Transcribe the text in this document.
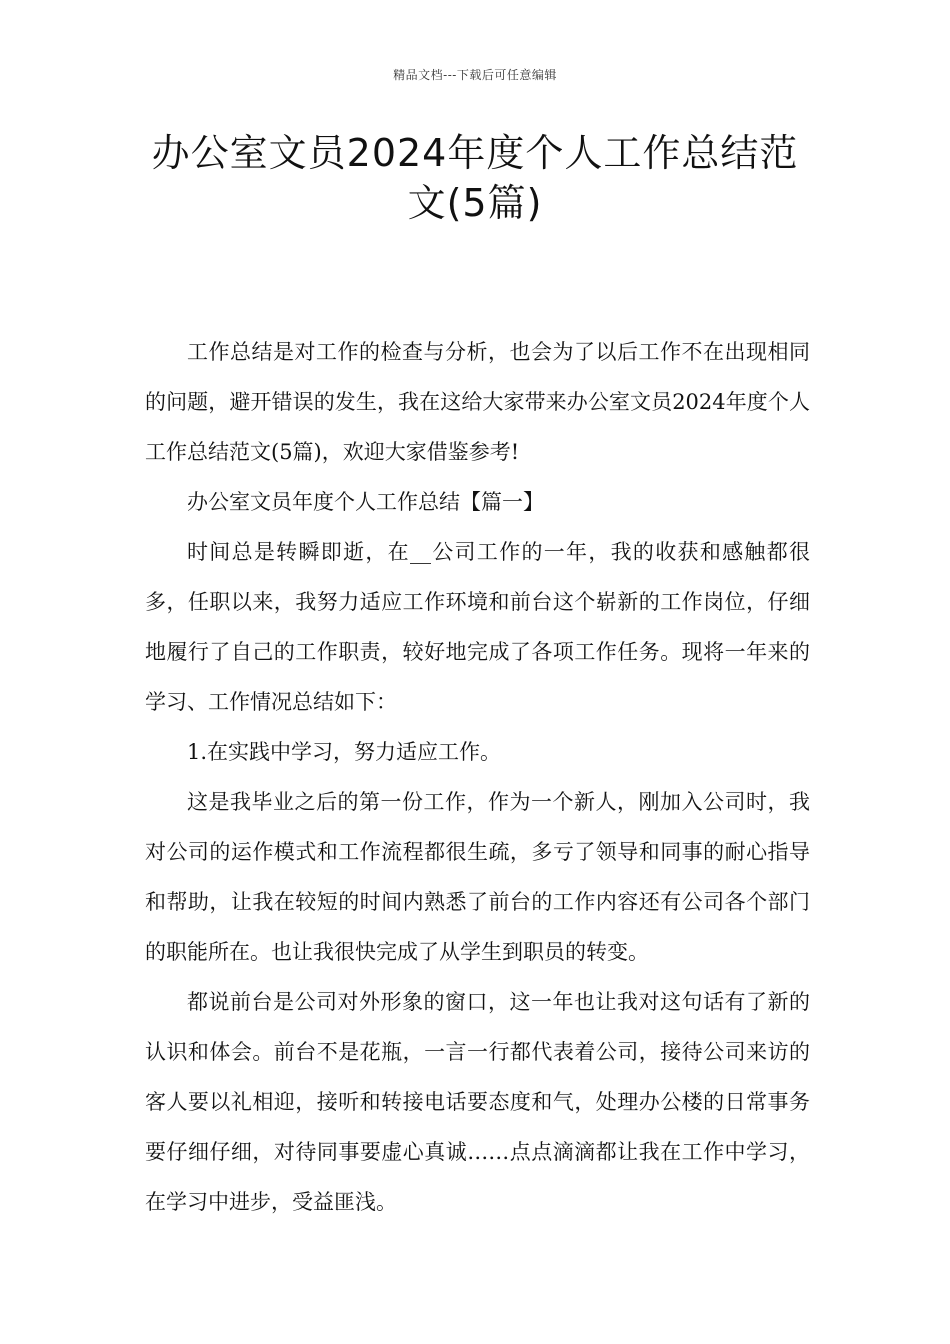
精品文档---下载后可任意编辑
办公室文员2024年度个人工作总结范
文(5篇)

工作总结是对工作的检查与分析，也会为了以后工作不在出现相同的问题，避开错误的发生，我在这给大家带来办公室文员2024年度个人工作总结范文(5篇)，欢迎大家借鉴参考!

办公室文员年度个人工作总结【篇一】

时间总是转瞬即逝，在__公司工作的一年，我的收获和感触都很多，任职以来，我努力适应工作环境和前台这个崭新的工作岗位，仔细地履行了自己的工作职责，较好地完成了各项工作任务。现将一年来的学习、工作情况总结如下：

1.在实践中学习，努力适应工作。

这是我毕业之后的第一份工作，作为一个新人，刚加入公司时，我对公司的运作模式和工作流程都很生疏，多亏了领导和同事的耐心指导和帮助，让我在较短的时间内熟悉了前台的工作内容还有公司各个部门的职能所在。也让我很快完成了从学生到职员的转变。

都说前台是公司对外形象的窗口，这一年也让我对这句话有了新的认识和体会。前台不是花瓶，一言一行都代表着公司，接待公司来访的客人要以礼相迎，接听和转接电话要态度和气，处理办公楼的日常事务要仔细仔细，对待同事要虚心真诚……点点滴滴都让我在工作中学习，在学习中进步，受益匪浅。
